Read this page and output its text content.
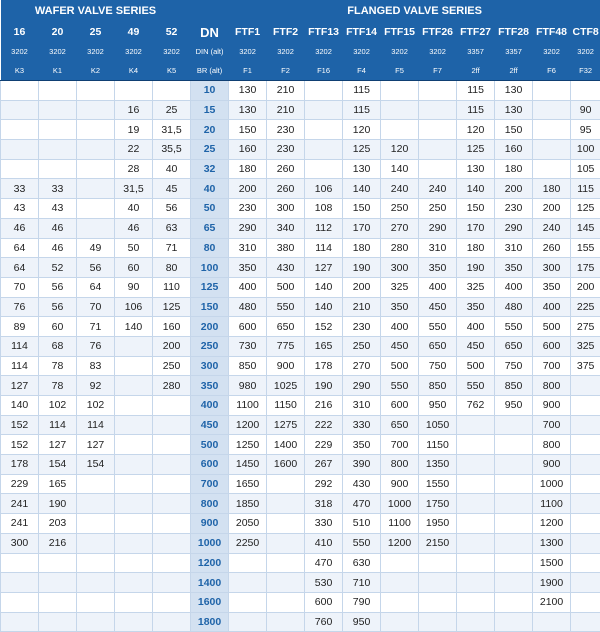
WAFER VALVE SERIES						FLANGED VALVE SERIES									
16	20	25	49	52	DN	FTF1	FTF2	FTF13	FTF14	FTF15	FTF26	FTF27	FTF28	FTF48	CTF8
3202	3202	3202	3202	3202	DIN (alt)	3202	3202	3202	3202	3202	3202	3357	3357	3202	3202
K3	K1	K2	K4	K5	BR (alt)	F1	F2	F16	F4	F5	F7	2ff	2ff	F6	F32
					10	130	210		115			115	130		
			16	25	15	130	210		115			115	130		90
			19	31,5	20	150	230		120			120	150		95
			22	35,5	25	160	230		125	120		125	160		100
			28	40	32	180	260		130	140		130	180		105
33	33		31,5	45	40	200	260	106	140	240	240	140	200	180	115
43	43		40	56	50	230	300	108	150	250	250	150	230	200	125
46	46		46	63	65	290	340	112	170	270	290	170	290	240	145
64	46	49	50	71	80	310	380	114	180	280	310	180	310	260	155
64	52	56	60	80	100	350	430	127	190	300	350	190	350	300	175
70	56	64	90	110	125	400	500	140	200	325	400	325	400	350	200
76	56	70	106	125	150	480	550	140	210	350	450	350	480	400	225
89	60	71	140	160	200	600	650	152	230	400	550	400	550	500	275
114	68	76		200	250	730	775	165	250	450	650	450	650	600	325
114	78	83		250	300	850	900	178	270	500	750	500	750	700	375
127	78	92		280	350	980	1025	190	290	550	850	550	850	800	
140	102	102			400	1100	1150	216	310	600	950	762	950	900	
152	114	114			450	1200	1275	222	330	650	1050			700	
152	127	127			500	1250	1400	229	350	700	1150			800	
178	154	154			600	1450	1600	267	390	800	1350			900	
229	165				700	1650		292	430	900	1550			1000	
241	190				800	1850		318	470	1000	1750			1100	
241	203				900	2050		330	510	1100	1950			1200	
300	216				1000	2250		410	550	1200	2150			1300	
					1200			470	630					1500	
					1400			530	710					1900	
					1600			600	790					2100	
					1800			760	950						
